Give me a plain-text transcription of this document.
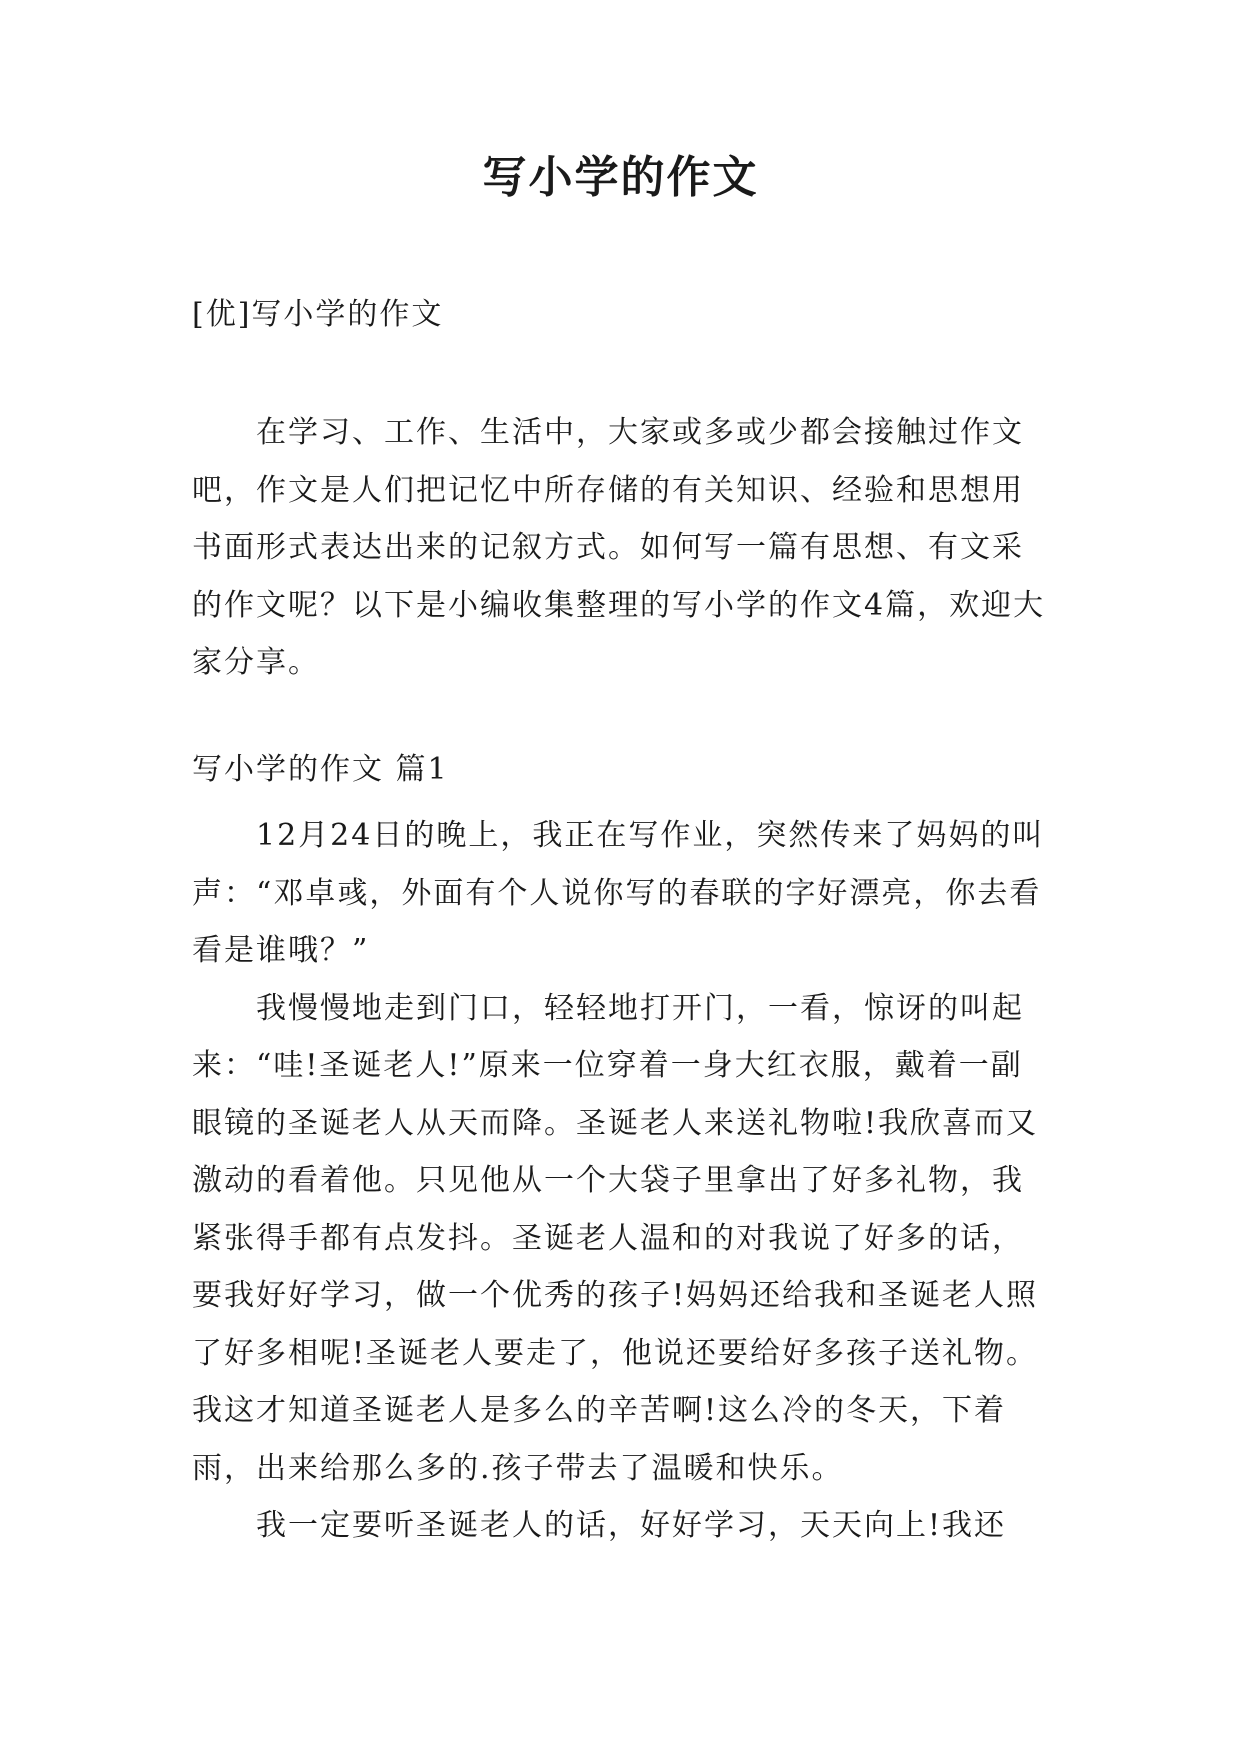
写小学的作文
[优]写小学的作文

在学习、工作、生活中，大家或多或少都会接触过作文吧，作文是人们把记忆中所存储的有关知识、经验和思想用书面形式表达出来的记叙方式。如何写一篇有思想、有文采的作文呢？以下是小编收集整理的写小学的作文4篇，欢迎大家分享。

写小学的作文 篇1

12月24日的晚上，我正在写作业，突然传来了妈妈的叫声：“邓卓彧，外面有个人说你写的春联的字好漂亮，你去看看是谁哦？”

我慢慢地走到门口，轻轻地打开门，一看，惊讶的叫起来：“哇!圣诞老人!”原来一位穿着一身大红衣服，戴着一副眼镜的圣诞老人从天而降。圣诞老人来送礼物啦!我欣喜而又激动的看着他。只见他从一个大袋子里拿出了好多礼物，我紧张得手都有点发抖。圣诞老人温和的对我说了好多的话，要我好好学习，做一个优秀的孩子!妈妈还给我和圣诞老人照了好多相呢!圣诞老人要走了，他说还要给好多孩子送礼物。我这才知道圣诞老人是多么的辛苦啊!这么冷的冬天，下着雨，出来给那么多的.孩子带去了温暖和快乐。

我一定要听圣诞老人的话，好好学习，天天向上!我还
